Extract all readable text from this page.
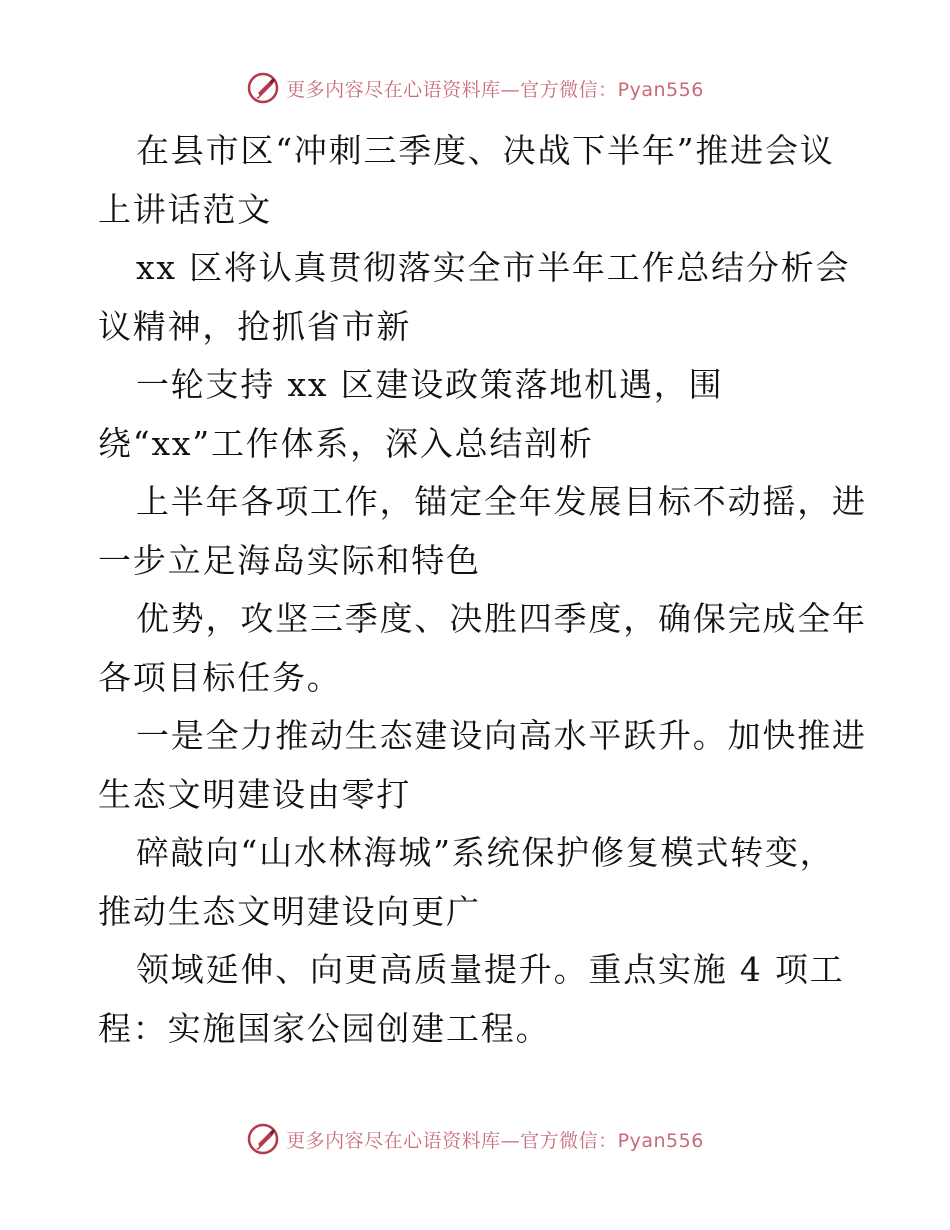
更多内容尽在心语资料库—官方微信：Pyan556
在县市区“冲刺三季度、决战下半年”推进会议
上讲话范文
xx 区将认真贯彻落实全市半年工作总结分析会
议精神，抢抓省市新
一轮支持 xx 区建设政策落地机遇，围
绕“xx”工作体系，深入总结剖析
上半年各项工作，锚定全年发展目标不动摇，进
一步立足海岛实际和特色
优势，攻坚三季度、决胜四季度，确保完成全年
各项目标任务。
一是全力推动生态建设向高水平跃升。加快推进
生态文明建设由零打
碎敲向“山水林海城”系统保护修复模式转变，
推动生态文明建设向更广
领域延伸、向更高质量提升。重点实施 4 项工
程：实施国家公园创建工程。
更多内容尽在心语资料库—官方微信：Pyan556
